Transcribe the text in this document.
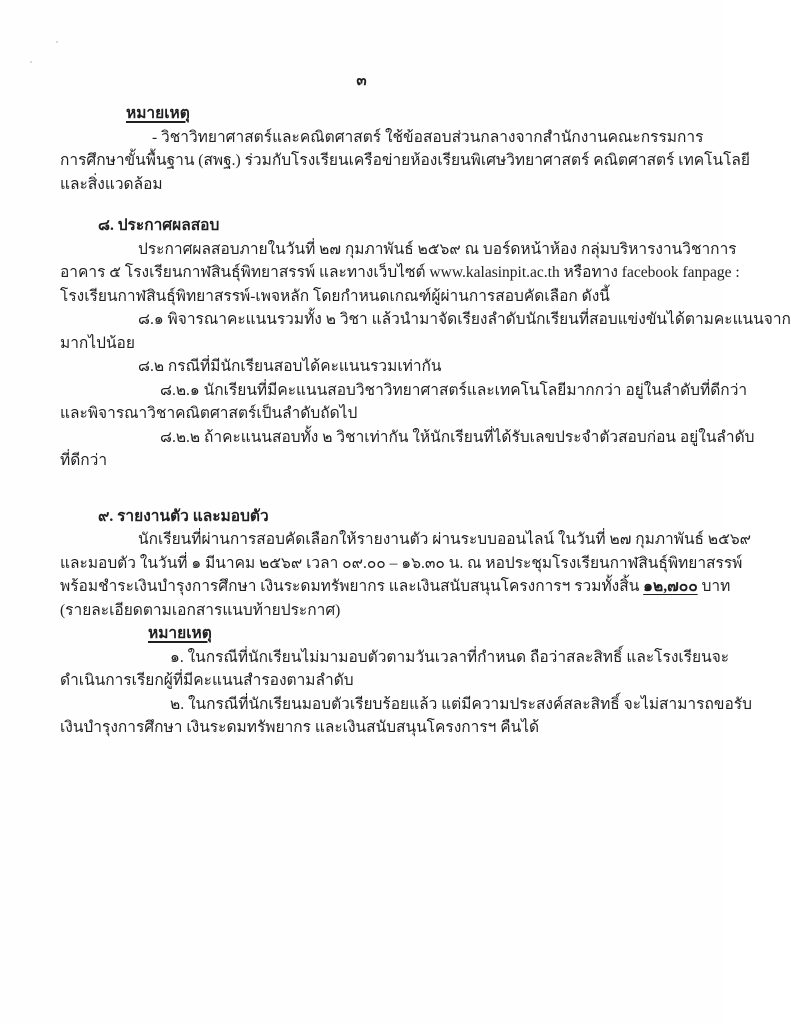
๓
หมายเหตุ
- วิชาวิทยาศาสตร์และคณิตศาสตร์ ใช้ข้อสอบส่วนกลางจากสำนักงานคณะกรรมการ
การศึกษาขั้นพื้นฐาน (สพฐ.) ร่วมกับโรงเรียนเครือข่ายห้องเรียนพิเศษวิทยาศาสตร์ คณิตศาสตร์ เทคโนโลยี
และสิ่งแวดล้อม
๘. ประกาศผลสอบ
ประกาศผลสอบภายในวันที่ ๒๗ กุมภาพันธ์ ๒๕๖๙ ณ บอร์ดหน้าห้อง กลุ่มบริหารงานวิชาการ
อาคาร ๕ โรงเรียนกาฬสินธุ์พิทยาสรรพ์ และทางเว็บไซต์ www.kalasinpit.ac.th หรือทาง facebook fanpage :
โรงเรียนกาฬสินธุ์พิทยาสรรพ์-เพจหลัก โดยกำหนดเกณฑ์ผู้ผ่านการสอบคัดเลือก ดังนี้
๘.๑ พิจารณาคะแนนรวมทั้ง ๒ วิชา แล้วนำมาจัดเรียงลำดับนักเรียนที่สอบแข่งขันได้ตามคะแนนจาก
มากไปน้อย
๘.๒ กรณีที่มีนักเรียนสอบได้คะแนนรวมเท่ากัน
๘.๒.๑ นักเรียนที่มีคะแนนสอบวิชาวิทยาศาสตร์และเทคโนโลยีมากกว่า อยู่ในลำดับที่ดีกว่า
และพิจารณาวิชาคณิตศาสตร์เป็นลำดับถัดไป
๘.๒.๒ ถ้าคะแนนสอบทั้ง ๒ วิชาเท่ากัน ให้นักเรียนที่ได้รับเลขประจำตัวสอบก่อน อยู่ในลำดับ
ที่ดีกว่า
๙. รายงานตัว และมอบตัว
นักเรียนที่ผ่านการสอบคัดเลือกให้รายงานตัว ผ่านระบบออนไลน์ ในวันที่ ๒๗ กุมภาพันธ์ ๒๕๖๙
และมอบตัว ในวันที่ ๑ มีนาคม ๒๕๖๙ เวลา ๐๙.๐๐ – ๑๖.๓๐ น. ณ หอประชุมโรงเรียนกาฬสินธุ์พิทยาสรรพ์
พร้อมชำระเงินบำรุงการศึกษา เงินระดมทรัพยากร และเงินสนับสนุนโครงการฯ รวมทั้งสิ้น ๑๒,๗๐๐ บาท
(รายละเอียดตามเอกสารแนบท้ายประกาศ)
หมายเหตุ
๑. ในกรณีที่นักเรียนไม่มามอบตัวตามวันเวลาที่กำหนด ถือว่าสละสิทธิ์ และโรงเรียนจะ
ดำเนินการเรียกผู้ที่มีคะแนนสำรองตามลำดับ
๒. ในกรณีที่นักเรียนมอบตัวเรียบร้อยแล้ว แต่มีความประสงค์สละสิทธิ์ จะไม่สามารถขอรับ
เงินบำรุงการศึกษา เงินระดมทรัพยากร และเงินสนับสนุนโครงการฯ คืนได้
